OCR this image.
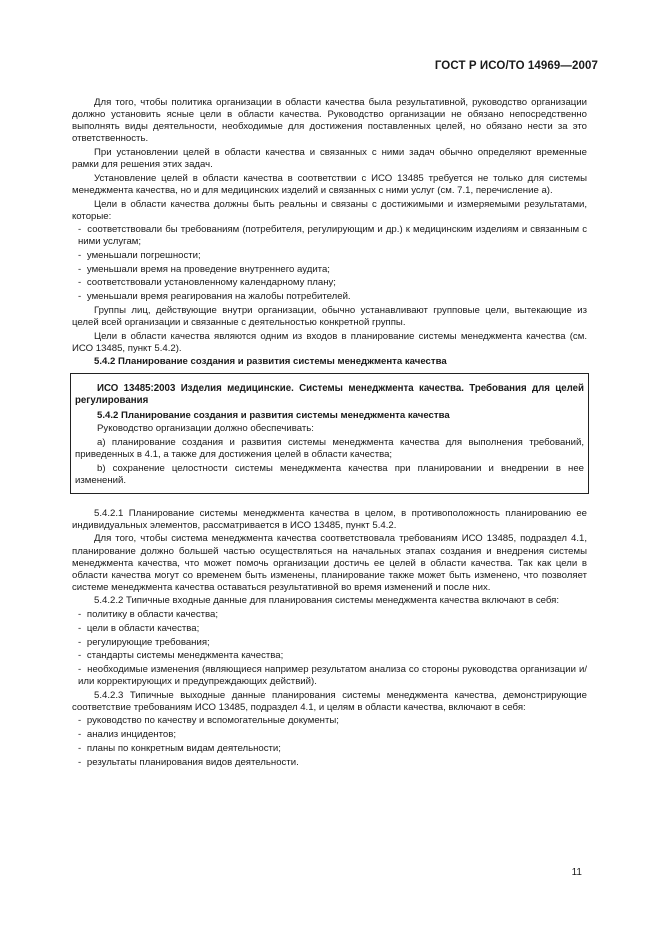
ГОСТ Р ИСО/ТО 14969—2007

Для того, чтобы политика организации в области качества была результативной, руководство организации должно установить ясные цели в области качества. Руководство организации не обязано непосредственно выполнять виды деятельности, необходимые для достижения поставленных целей, но обязано нести за это ответственность.

При установлении целей в области качества и связанных с ними задач обычно определяют временные рамки для решения этих задач.

Установление целей в области качества в соответствии с ИСО 13485 требуется не только для системы менеджмента качества, но и для медицинских изделий и связанных с ними услуг (см. 7.1, перечисление а).

Цели в области качества должны быть реальны и связаны с достижимыми и измеряемыми результатами, которые:

- соответствовали бы требованиям (потребителя, регулирующим и др.) к медицинским изделиям и связанным с ними услугам;

- уменьшали погрешности;

- уменьшали время на проведение внутреннего аудита;

- соответствовали установленному календарному плану;

- уменьшали время реагирования на жалобы потребителей.

Группы лиц, действующие внутри организации, обычно устанавливают групповые цели, вытекающие из целей всей организации и связанные с деятельностью конкретной группы.

Цели в области качества являются одним из входов в планирование системы менеджмента качества (см. ИСО 13485, пункт 5.4.2).

5.4.2 Планирование создания и развития системы менеджмента качества

ИСО 13485:2003 Изделия медицинские. Системы менеджмента качества. Требования для целей регулирования

5.4.2 Планирование создания и развития системы менеджмента качества

Руководство организации должно обеспечивать:

a) планирование создания и развития системы менеджмента качества для выполнения требований, приведенных в 4.1, а также для достижения целей в области качества;

b) сохранение целостности системы менеджмента качества при планировании и внедрении в нее изменений.

5.4.2.1 Планирование системы менеджмента качества в целом, в противоположность планированию ее индивидуальных элементов, рассматривается в ИСО 13485, пункт 5.4.2.

Для того, чтобы система менеджмента качества соответствовала требованиям ИСО 13485, подраздел 4.1, планирование должно большей частью осуществляться на начальных этапах создания и внедрения системы менеджмента качества, что может помочь организации достичь ее целей в области качества. Так как цели в области качества могут со временем быть изменены, планирование также может быть изменено, что позволяет системе менеджмента качества оставаться результативной во время изменений и после них.

5.4.2.2 Типичные входные данные для планирования системы менеджмента качества включают в себя:

- политику в области качества;

- цели в области качества;

- регулирующие требования;

- стандарты системы менеджмента качества;

- необходимые изменения (являющиеся например результатом анализа со стороны руководства организации и/или корректирующих и предупреждающих действий).

5.4.2.3 Типичные выходные данные планирования системы менеджмента качества, демонстрирующие соответствие требованиям ИСО 13485, подраздел 4.1, и целям в области качества, включают в себя:

- руководство по качеству и вспомогательные документы;

- анализ инцидентов;

- планы по конкретным видам деятельности;

- результаты планирования видов деятельности.

11
